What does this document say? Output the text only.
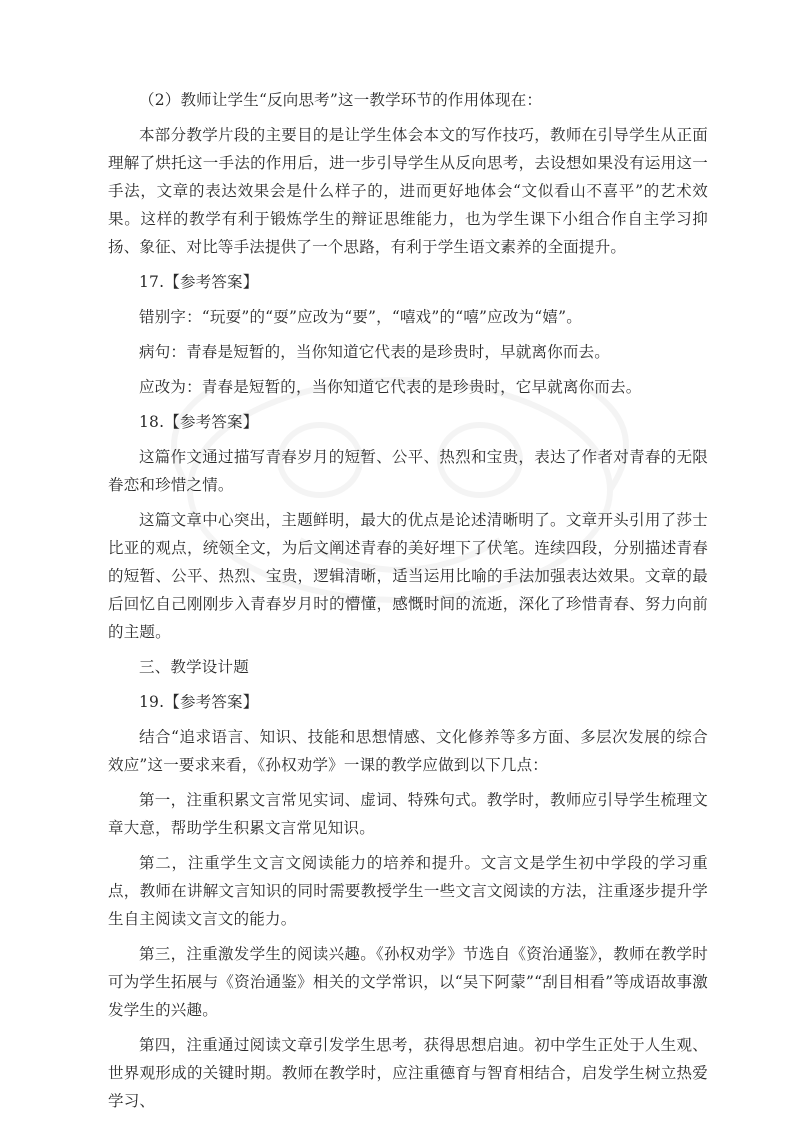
（2）教师让学生“反向思考”这一教学环节的作用体现在：

本部分教学片段的主要目的是让学生体会本文的写作技巧，教师在引导学生从正面理解了烘托这一手法的作用后，进一步引导学生从反向思考，去设想如果没有运用这一手法，文章的表达效果会是什么样子的，进而更好地体会“文似看山不喜平”的艺术效果。这样的教学有利于锻炼学生的辩证思维能力，也为学生课下小组合作自主学习抑扬、象征、对比等手法提供了一个思路，有利于学生语文素养的全面提升。

17.【参考答案】

错别字：“玩耍”的“耍”应改为“要”，“嘻戏”的“嘻”应改为“嬉”。

病句：青春是短暂的，当你知道它代表的是珍贵时，早就离你而去。

应改为：青春是短暂的，当你知道它代表的是珍贵时，它早就离你而去。

18.【参考答案】

这篇作文通过描写青春岁月的短暂、公平、热烈和宝贵，表达了作者对青春的无限眷恋和珍惜之情。

这篇文章中心突出，主题鲜明，最大的优点是论述清晰明了。文章开头引用了莎士比亚的观点，统领全文，为后文阐述青春的美好埋下了伏笔。连续四段，分别描述青春的短暂、公平、热烈、宝贵，逻辑清晰，适当运用比喻的手法加强表达效果。文章的最后回忆自己刚刚步入青春岁月时的懵懂，感慨时间的流逝，深化了珍惜青春、努力向前的主题。

三、教学设计题

19.【参考答案】

结合“追求语言、知识、技能和思想情感、文化修养等多方面、多层次发展的综合效应”这一要求来看，《孙权劝学》一课的教学应做到以下几点：

第一，注重积累文言常见实词、虚词、特殊句式。教学时，教师应引导学生梳理文章大意，帮助学生积累文言常见知识。

第二，注重学生文言文阅读能力的培养和提升。文言文是学生初中学段的学习重点，教师在讲解文言知识的同时需要教授学生一些文言文阅读的方法，注重逐步提升学生自主阅读文言文的能力。

第三，注重激发学生的阅读兴趣。《孙权劝学》节选自《资治通鉴》，教师在教学时可为学生拓展与《资治通鉴》相关的文学常识，以“吴下阿蒙”“刮目相看”等成语故事激发学生的兴趣。

第四，注重通过阅读文章引发学生思考，获得思想启迪。初中学生正处于人生观、世界观形成的关键时期。教师在教学时，应注重德育与智育相结合，启发学生树立热爱学习、
